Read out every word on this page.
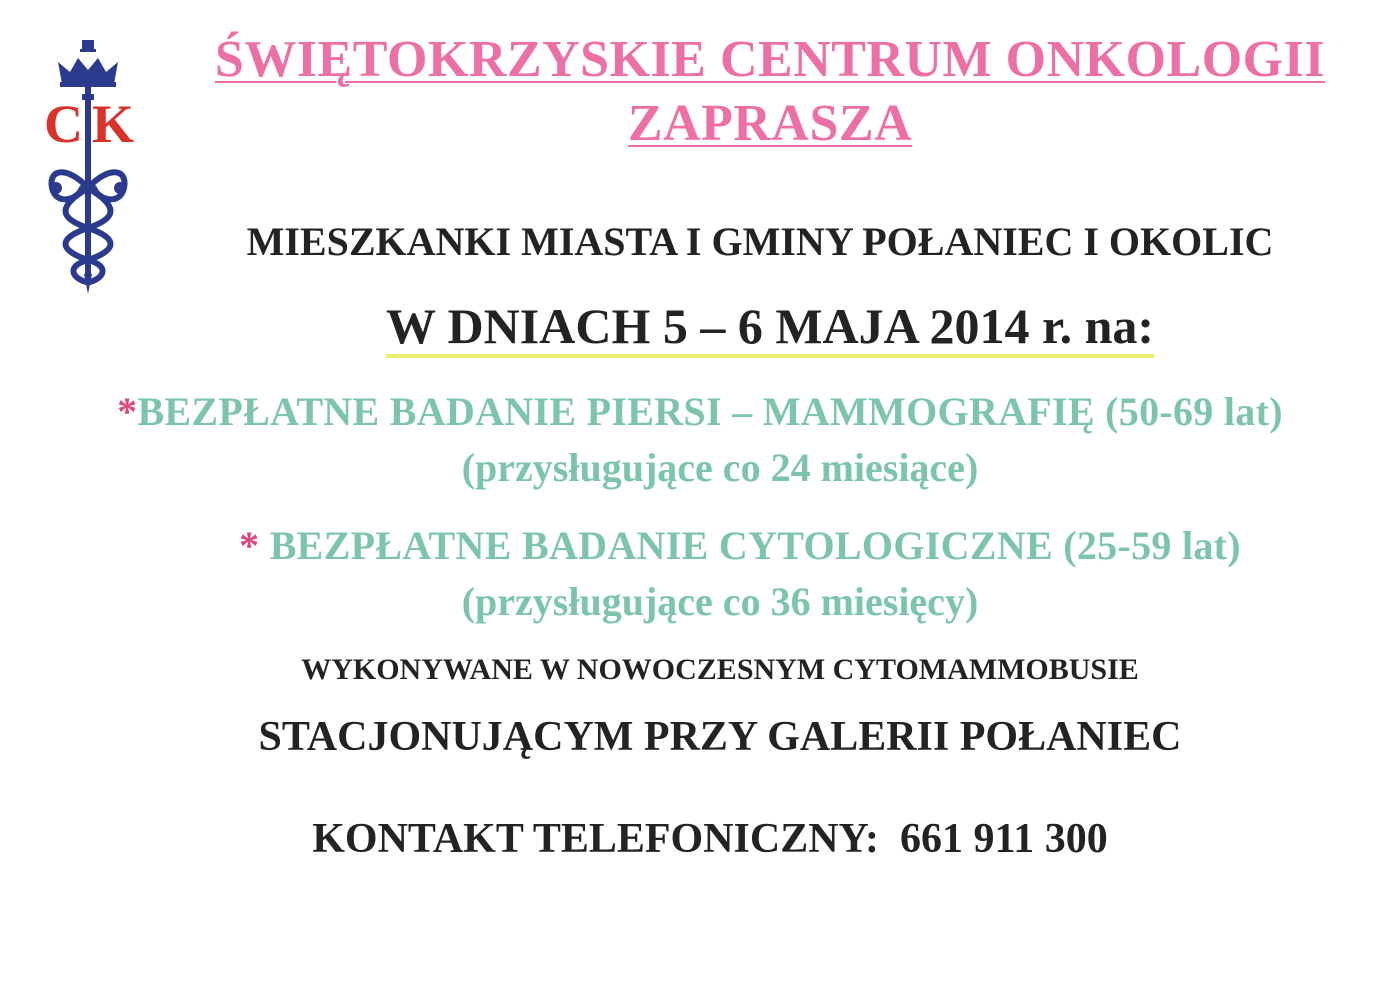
C K
ŚWIĘTOKRZYSKIE CENTRUM ONKOLOGII
ZAPRASZA
MIESZKANKI MIASTA I GMINY POŁANIEC I OKOLIC
W DNIACH 5 – 6 MAJA 2014 r. na:
*BEZPŁATNE BADANIE PIERSI – MAMMOGRAFIĘ (50-69 lat)
(przysługujące co 24 miesiące)
* BEZPŁATNE BADANIE CYTOLOGICZNE (25-59 lat)
(przysługujące co 36 miesięcy)
WYKONYWANE W NOWOCZESNYM CYTOMAMMOBUSIE
STACJONUJĄCYM PRZY GALERII POŁANIEC
KONTAKT TELEFONICZNY: 661 911 300
